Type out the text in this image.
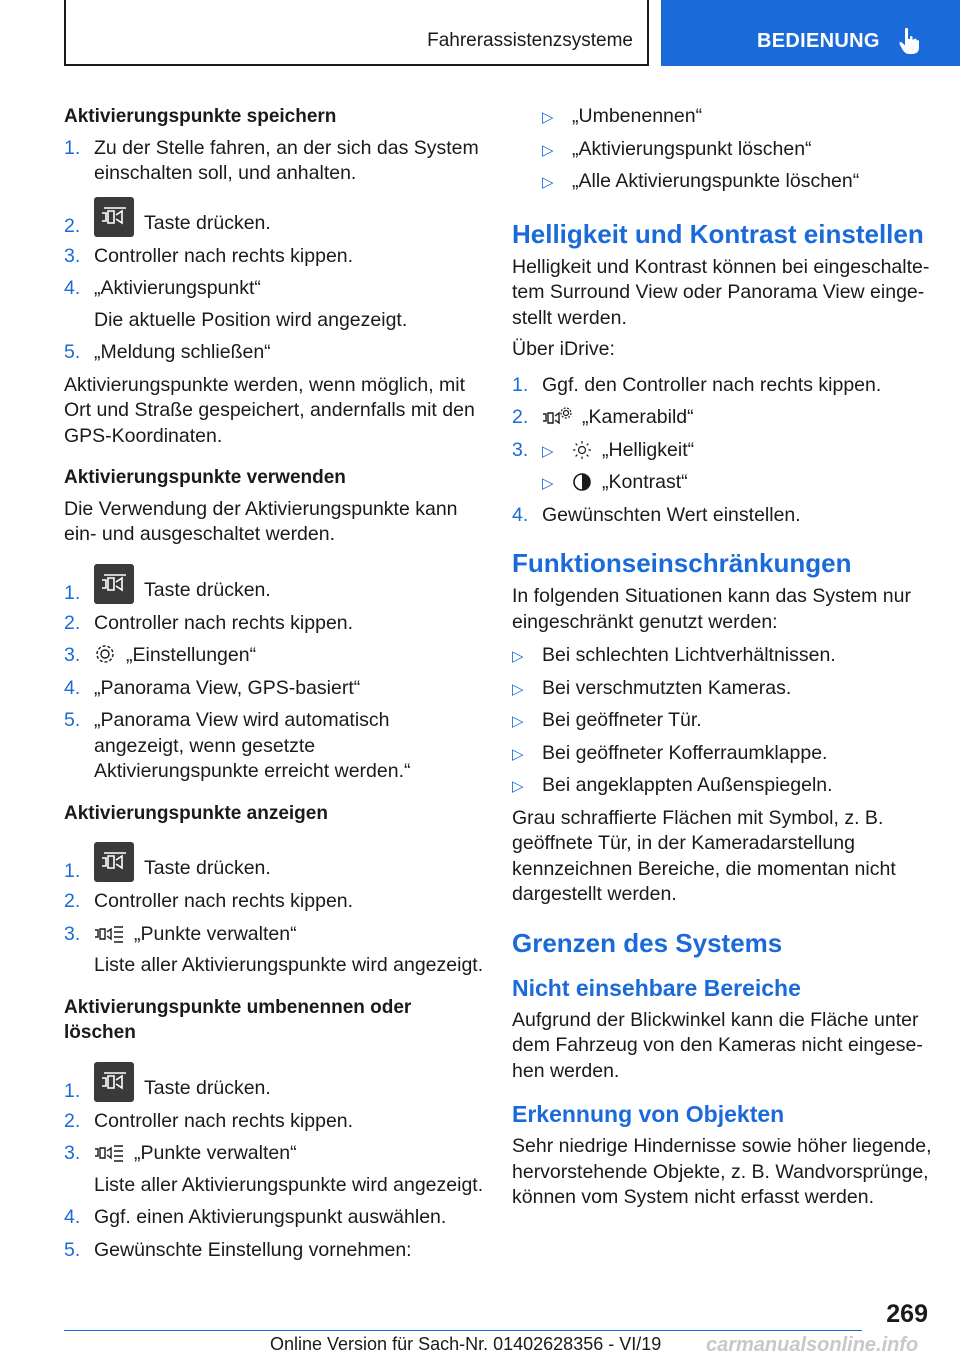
Fahrerassistenzsysteme	BEDIENUNG
Aktivierungspunkte speichern
1. Zu der Stelle fahren, an der sich das System einschalten soll, und anhalten.
2.	Taste drücken.
3. Controller nach rechts kippen.
4. „Aktivierungspunkt“
Die aktuelle Position wird angezeigt.
5. „Meldung schließen“
Aktivierungspunkte werden, wenn möglich, mit Ort und Straße gespeichert, andernfalls mit den GPS-Koordinaten.
Aktivierungspunkte verwenden
Die Verwendung der Aktivierungspunkte kann ein- und ausgeschaltet werden.
1.	Taste drücken.
2. Controller nach rechts kippen.
3. „Einstellungen“
4. „Panorama View, GPS-basiert“
5. „Panorama View wird automatisch angezeigt, wenn gesetzte Aktivierungspunkte erreicht werden.“
Aktivierungspunkte anzeigen
1.	Taste drücken.
2. Controller nach rechts kippen.
3.	„Punkte verwalten“
Liste aller Aktivierungspunkte wird angezeigt.
Aktivierungspunkte umbenennen oder löschen
1.	Taste drücken.
2. Controller nach rechts kippen.
3.	„Punkte verwalten“
Liste aller Aktivierungspunkte wird angezeigt.
4. Ggf. einen Aktivierungspunkt auswählen.
5. Gewünschte Einstellung vornehmen:
▷ „Umbenennen“
▷ „Aktivierungspunkt löschen“
▷ „Alle Aktivierungspunkte löschen“
Helligkeit und Kontrast einstellen
Helligkeit und Kontrast können bei eingeschaltetem Surround View oder Panorama View eingestellt werden.
Über iDrive:
1. Ggf. den Controller nach rechts kippen.
2.	„Kamerabild“
3. ▷ „Helligkeit“
▷ „Kontrast“
4. Gewünschten Wert einstellen.
Funktionseinschränkungen
In folgenden Situationen kann das System nur eingeschränkt genutzt werden:
▷ Bei schlechten Lichtverhältnissen.
▷ Bei verschmutzten Kameras.
▷ Bei geöffneter Tür.
▷ Bei geöffneter Kofferraumklappe.
▷ Bei angeklappten Außenspiegeln.
Grau schraffierte Flächen mit Symbol, z. B. geöffnete Tür, in der Kameradarstellung kennzeichnen Bereiche, die momentan nicht dargestellt werden.
Grenzen des Systems
Nicht einsehbare Bereiche
Aufgrund der Blickwinkel kann die Fläche unter dem Fahrzeug von den Kameras nicht eingesehen werden.
Erkennung von Objekten
Sehr niedrige Hindernisse sowie höher liegende, hervorstehende Objekte, z. B. Wandvorsprünge, können vom System nicht erfasst werden.
269
Online Version für Sach-Nr. 01402628356 - VI/19 carmanualsonline.info
